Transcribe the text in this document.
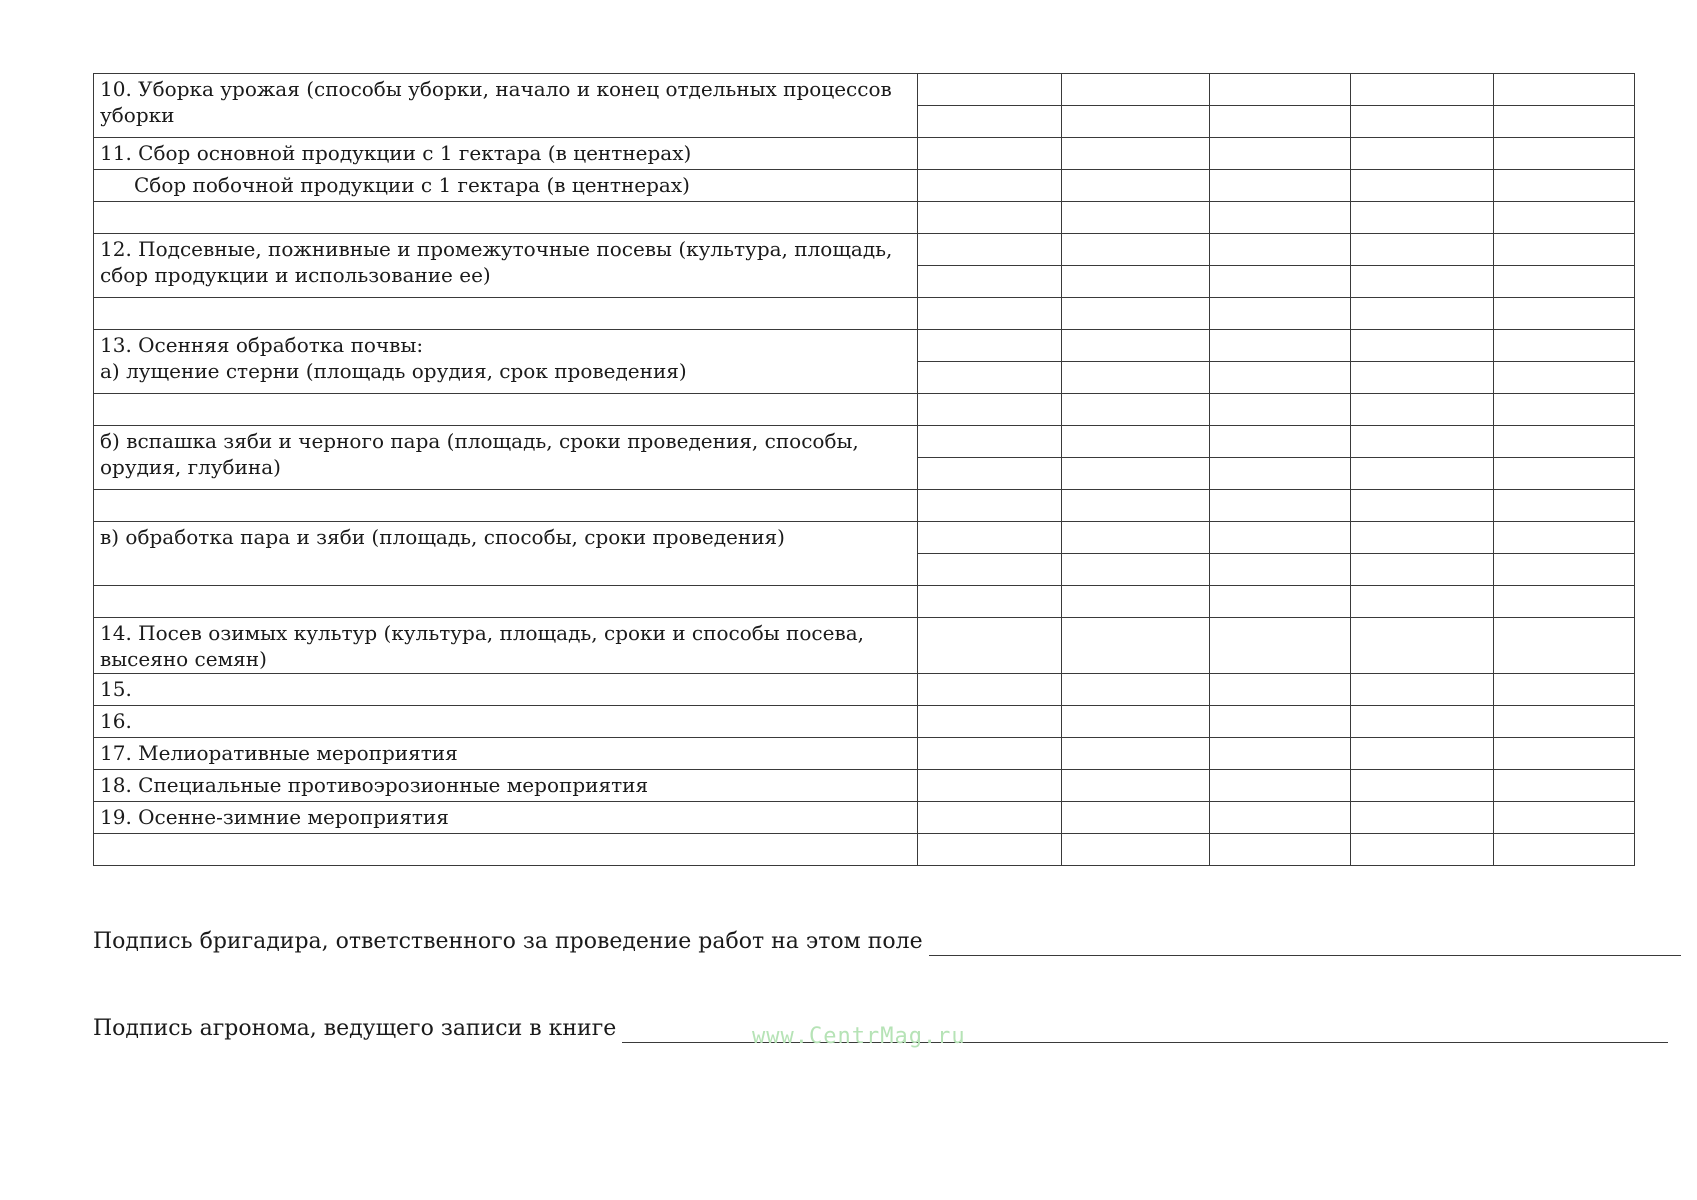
10. Уборка урожая (способы уборки, начало и конец отдельных процессов уборки					

11. Сбор основной продукции с 1 гектара (в центнерах)					
Сбор побочной продукции с 1 гектара (в центнерах)					

12. Подсевные, пожнивные и промежуточные посевы (культура, площадь, сбор продукции и использование ее)					

13. Осенняя обработка почвы:
а) лущение стерни (площадь орудия, срок проведения)					

б) вспашка зяби и черного пара (площадь, сроки проведения, способы, орудия, глубина)					

в) обработка пара и зяби (площадь, способы, сроки проведения)					

14. Посев озимых культур (культура, площадь, сроки и способы посева, высеяно семян)					
15.					
16.					
17. Мелиоративные мероприятия					
18. Специальные противоэрозионные мероприятия					
19. Осенне-зимние мероприятия					

Подпись бригадира, ответственного за проведение работ на этом поле
Подпись агронома, ведущего записи в книге	www.CentrMag.ru
